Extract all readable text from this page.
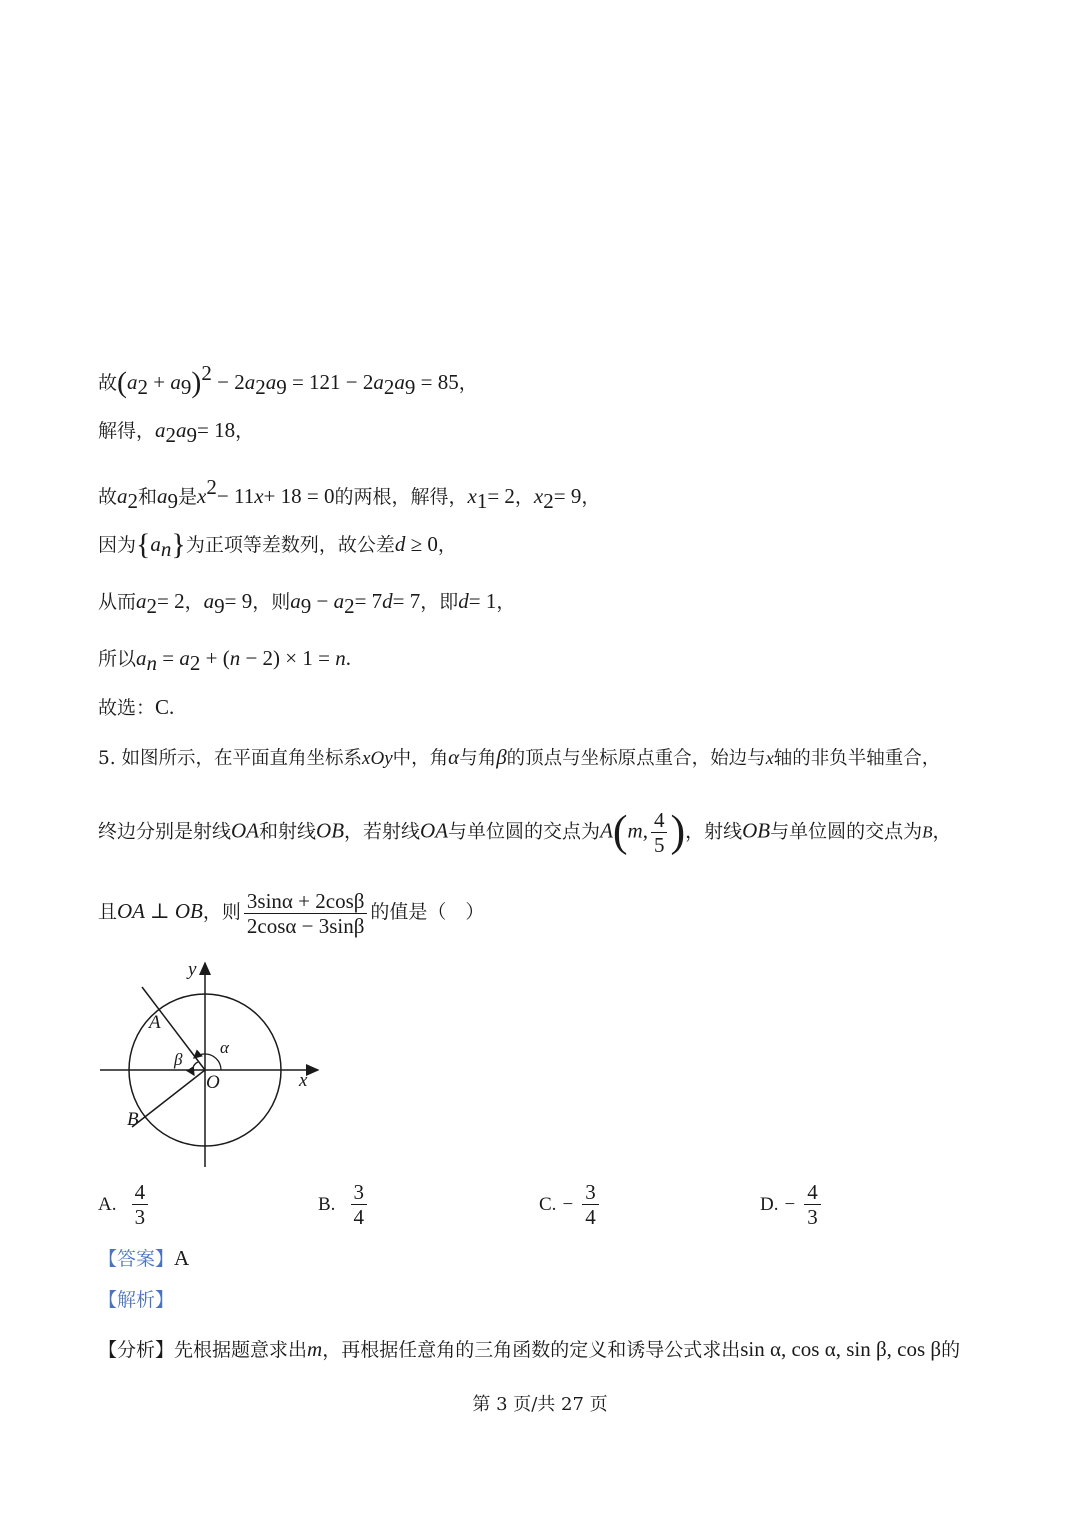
故$(a_2 + a_9)^2 - 2a_2a_9 = 121 - 2a_2a_9 = 85$，
解得，$a_2a_9= 18$，
故$a_2$和$a_9$是$x^2- 11x+ 18 = 0$的两根，解得，$x_1= 2$，$x_2= 9$，
因为$\{a_n\}$为正项等差数列，故公差d ≥ 0，
从而$a_2= 2$，$a_9= 9$，则$a_9 - a_2= 7d= 7$，即d= 1，
所以$a_n = a_2 + (n - 2) \times 1 = n$.
故选：C.
5. 如图所示，在平面直角坐标系xOy中，角α与角β的顶点与坐标原点重合，始边与x轴的非负半轴重合，
终边分别是射线OA和射线OB，若射线OA与单位圆的交点为A(m, $\frac{4}{5}$ )，射线OB与单位圆的交点为B，
且OA ⊥ OB，则 $\frac{3\sin\alpha + 2\cos\beta}{2\cos\alpha - 3\sin\beta}$ 的值是（　）
y
x
O
A
B
α
β
A. $\frac{4}{3}$	B. $\frac{3}{4}$	C. − $\frac{3}{4}$	D. − $\frac{4}{3}$
【答案】A
【解析】
【分析】先根据题意求出m，再根据任意角的三角函数的定义和诱导公式求出sin α, cos α, sin β, cos β的
第 3 页/共 27 页
